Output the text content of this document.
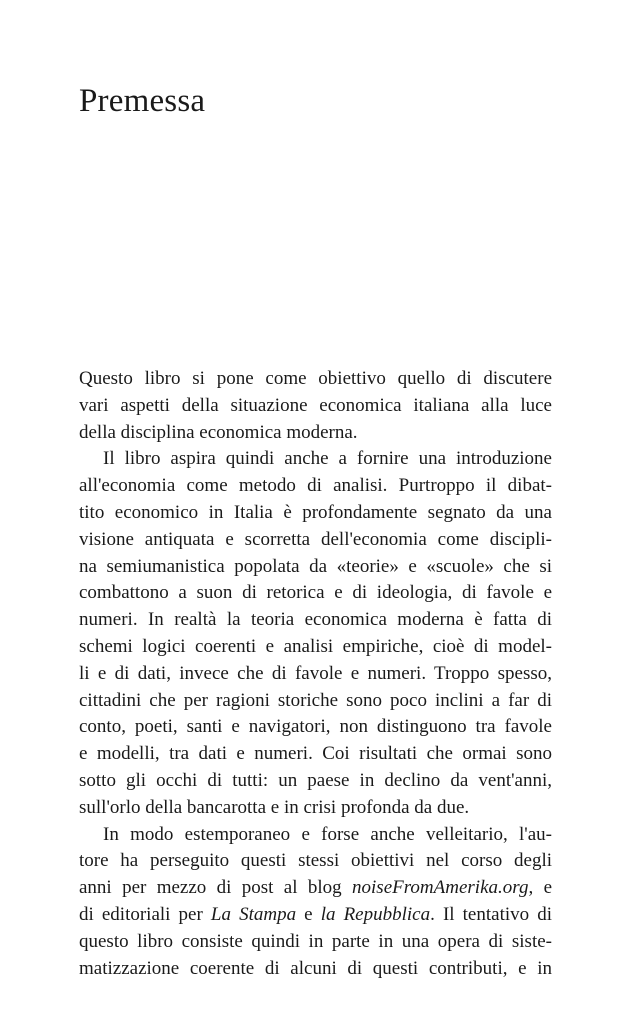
Premessa
Questo libro si pone come obiettivo quello di discutere
vari aspetti della situazione economica italiana alla luce
della disciplina economica moderna.
Il libro aspira quindi anche a fornire una introduzione
all'economia come metodo di analisi. Purtroppo il dibat-
tito economico in Italia è profondamente segnato da una
visione antiquata e scorretta dell'economia come discipli-
na semiumanistica popolata da «teorie» e «scuole» che si
combattono a suon di retorica e di ideologia, di favole e
numeri. In realtà la teoria economica moderna è fatta di
schemi logici coerenti e analisi empiriche, cioè di model-
li e di dati, invece che di favole e numeri. Troppo spesso,
cittadini che per ragioni storiche sono poco inclini a far di
conto, poeti, santi e navigatori, non distinguono tra favole
e modelli, tra dati e numeri. Coi risultati che ormai sono
sotto gli occhi di tutti: un paese in declino da vent'anni,
sull'orlo della bancarotta e in crisi profonda da due.
In modo estemporaneo e forse anche velleitario, l'au-
tore ha perseguito questi stessi obiettivi nel corso degli
anni per mezzo di post al blog noiseFromAmerika.org, e
di editoriali per La Stampa e la Repubblica. Il tentativo di
questo libro consiste quindi in parte in una opera di siste-
matizzazione coerente di alcuni di questi contributi, e in
